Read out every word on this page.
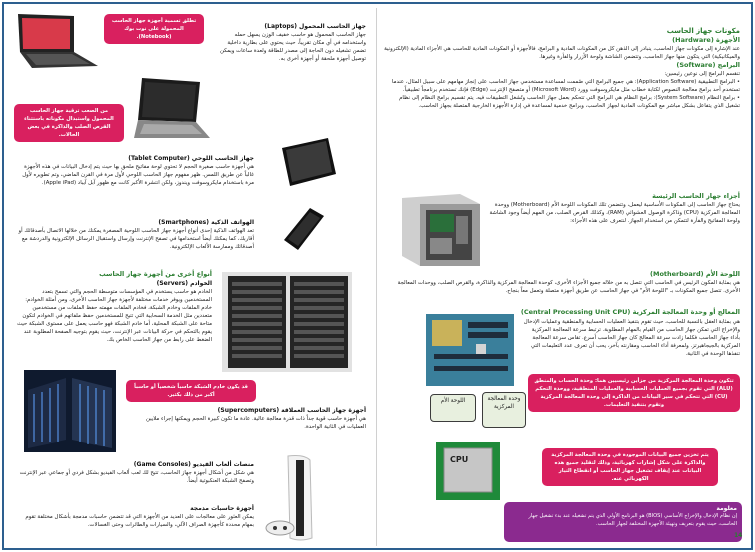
تطلق تسمية أجهزة جهاز الحاسب المحمولة على نوت بوك (Notebook).
من الصعب ترقية جهاز الحاسب المحمول واستبدال مكوناته باستثناء القرص الصلب والذاكرة في بعض الحالات.
جهاز الحاسب المحمول (Laptops)
جهاز الحاسب المحمول هو حاسب خفيف الوزن يسهل حمله واستخدامه في أي مكان تقريباً، حيث يحتوي على بطارية داخلية تضمن تشغيله دون الحاجة إلى مصدر للطاقة ولعدة ساعات ويمكن توصيل أجهزة ملحقة أو أجهزة أخرى به.
جهاز الحاسب اللوحي (Tablet Computer)
هي أجهزة حاسب صغيرة الحجم لا تحتوي لوحة مفاتيح ملحق بها حيث يتم إدخال البيانات في هذه الأجهزة غالباً عن طريق اللمس. ظهر مفهوم جهاز الحاسب اللوحي لأول مرة في القرن الماضي، وتم تطويره لأول مرة باستخدام مايكروسوفت ويندوز، ولكن انتشرة الأكبر كانت مع ظهور آبل آيباد (Apple iPad).
الهواتف الذكية (Smartphones)
تعد الهواتف الذكية إحدى أنواع أجهزة جهاز الحاسب اللوحية المصغرة يمكنك من خلالها الاتصال بأصدقائك أو أقاربك، كما يمكنك أيضاً استخدامها في تصفح الإنترنت وإرسال واستقبال الرسائل الإلكترونية والدردشة مع أصدقائك وممارسة الألعاب الإلكترونية.
أنواع أخرى من أجهزة جهاز الحاسب
الخوادم (Servers)
الخادم هو حاسب يستخدم في المؤسسات متوسطة الحجم والتي تسمح بتعدد المستخدمين ويوفر خدمات مختلفة لأجهزة جهاز الحاسب الأخرى، ومن أمثلة الخوادم: خادم الملفات وخادم الشبكة، فخادم الملفات مهمته حفظ الملفات من مستخدمين متعددين مثل الخدمة السحابية التي تتيح للمستخدمين حفظ ملفاتهم في الخوادم لتكون متاحة على الشبكة المحلية، أما خادم الشبكة فهو حاسب يعمل على مستوى الشبكة حيث يقوم بالتحكم في حركة البيانات عبر الإنترنت، حيث يقوم بتوجيه الصفحة المطلوبة عند الضغط على رابط من جهاز الحاسب الخاص بك.
قد يكون خادم الشبكة حاسباً شخصياً أو حاسباً أكبر من ذلك بكثير.
أجهزة جهاز الحاسب العملاقة (Supercomputers)
هي أجهزة حاسب قوية جداً ذات قدرة معالجة عالية. عادة ما تكون كبيرة الحجم ويمكنها إجراء ملايين العمليات في الثانية الواحدة.
منصات ألعاب الفيديو (Game Consoles)
هي شكل من أشكال أجهزة جهاز الحاسب، تتيح لك لعب ألعاب الفيديو بشكل فردي أو جماعي عبر الإنترنت وتصفح الشبكة العنكبوتية أيضاً.
أجهزة حاسبات مدمجة
يمكن العثور على معالجات على العديد من الأجهزة التي قد تتضمن حاسبات مدمجة بأشكال مختلفة تقوم بمهام محددة كأجهزة الصراف الآلي، والسيارات والطائرات وحتى الغسالات.
مكونات جهاز الحاسب
الأجهزة (Hardware)
عند الإشارة إلى مكونات جهاز الحاسب، ينبادر إلى الذهن كل من المكونات المادية و البرامج، فالأجهزة أو المكونات المادية للحاسب هي الأجزاء المادية (الإلكترونية والميكانيكية) التي يتكون منها جهاز الحاسب، وتتضمن الشاشة ولوحة الأزرار والفأرة وغيرها.
البرامج (Software)
تنقسم البرامج إلى نوعين رئيسين:
• البرامج التطبيقية (Application Software): هي جميع البرامج التي صُممت لمساعدة مستخدمي جهاز الحاسب على إنجاز مهامهم على سبيل المثال، عندما تستخدم أحد برامج معالجة النصوص لكتابة خطاب مثل مايكروسوفت وورد (Microsoft Word) أو متصفح الإنترنت (Edge) فإنك تستخدم برنامجاً تطبيقياً.
• برامج النظام (System Software): برامج النظام هي البرامج التي تتحكم بعمل جهاز الحاسب وتُشغل التطبيقات فيه. يتم تقسيم برامج النظام إلى نظام تشغيل الذي يتفاعل بشكل مباشر مع المكونات المادية لجهاز الحاسب، وبرامج خدمية لمساعدة في إدارة الأجهزة الخارجية المتصلة بجهاز الحاسب.
أجزاء جهاز الحاسب الرئيسة
يحتاج جهاز الحاسب إلى المكونات الأساسية ليعمل، وتتضمن تلك المكونات اللوحة الأم (Motherboard) ووحدة المعالجة المركزية (CPU) وذاكرة الوصول العشوائي (RAM)، وكذلك القرص الصلب، من المهم أيضاً وجود الشاشة ولوحة المفاتيح والفأرة لتتمكن من استخدام الجهاز. لنتعرف على هذه الأجزاء:
اللوحة الأم (Motherboard)
هي بمثابة المكون الرئيس في الحاسب التي تتصل به من خلاله جميع الأجزاء الأخرى، كوحدة المعالجة المركزية والذاكرة، والقرص الصلب، ووحدات المعالجة الأخرى. تتصل جميع المكونات بـ "اللوحة الأم" في جهاز الحاسب عن طريق أجهزة متصلة وتعمل معاً بنجاح.
المعالج أو وحدة المعالجة المركزية (Central Processing Unit CPU)
هي بمثابة العقل بالنسبة للحاسب، حيث تقوم بتنفيذ العمليات الحسابية والمنطقية وعمليات الإدخال والإخراج التي تمكن جهاز الحاسب من القيام بالمهام المطلوبة. ترتبط سرعة المعالجة المركزية بأداء جهاز الحاسب فكلما زادت سرعة المعالج كان جهاز الحاسب أسرع. تقاس سرعة المعالجة المركزية بالجيجاهيرتز. ولمعرفة أداء الحاسب ومقارنته بآخر، يحب أن تعرف عدد التعليمات التي تنفذها الوحدة في الثانية.
اللوحة الأم	وحدة المعالجة المركزية
CPU
تتكون وحدة المعالجة المركزية من جزأين رئيسيين هما: وحدة الحساب والمنطق (ALU) التي تقوم بجميع العمليات الحسابية والعمليات المنطقية، ووحدة التحكم (CU) التي تتحكم في سير البيانات من الذاكرة إلى وحدة المعالجة المركزية وتقوم بتنفيذ التعليمات.
يتم تخزين جميع البيانات الموجودة في وحدة المعالجة المركزية والذاكرة على شكل إشارات كهربائية، وذلك لتقليد جميع هذه البيانات عند إيقاف تشغيل جهاز الحاسب أو انقطاع التيار الكهربائي عنه.
معلومة
إن نظام الإدخال والإخراج الأساسي (BIOS) هو البرنامج الأولي الذي يتم تشغيله عند بدء تشغيل جهاز الحاسب، حيث يقوم بتعريف وتهيئة الأجهزة المختلفة لجهاز الحاسب.
14
